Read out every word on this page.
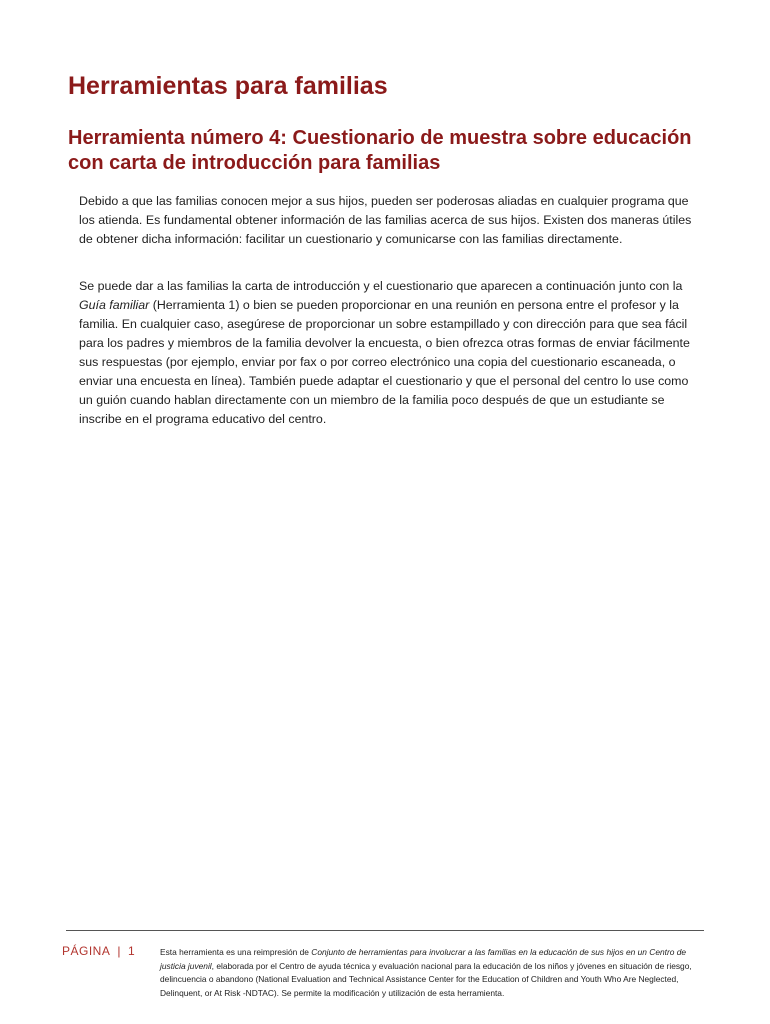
Herramientas para familias
Herramienta número 4: Cuestionario de muestra sobre educación con carta de introducción para familias

Debido a que las familias conocen mejor a sus hijos, pueden ser poderosas aliadas en cualquier programa que los atienda. Es fundamental obtener información de las familias acerca de sus hijos. Existen dos maneras útiles de obtener dicha información: facilitar un cuestionario y comunicarse con las familias directamente.

Se puede dar a las familias la carta de introducción y el cuestionario que aparecen a continuación junto con la Guía familiar (Herramienta 1) o bien se pueden proporcionar en una reunión en persona entre el profesor y la familia. En cualquier caso, asegúrese de proporcionar un sobre estampillado y con dirección para que sea fácil para los padres y miembros de la familia devolver la encuesta, o bien ofrezca otras formas de enviar fácilmente sus respuestas (por ejemplo, enviar por fax o por correo electrónico una copia del cuestionario escaneada, o enviar una encuesta en línea). También puede adaptar el cuestionario y que el personal del centro lo use como un guión cuando hablan directamente con un miembro de la familia poco después de que un estudiante se inscribe en el programa educativo del centro.

PÁGINA | 1	Esta herramienta es una reimpresión de Conjunto de herramientas para involucrar a las familias en la educación de sus hijos en un Centro de justicia juvenil, elaborada por el Centro de ayuda técnica y evaluación nacional para la educación de los niños y jóvenes en situación de riesgo, delincuencia o abandono (National Evaluation and Technical Assistance Center for the Education of Children and Youth Who Are Neglected, Delinquent, or At Risk -NDTAC). Se permite la modificación y utilización de esta herramienta.
